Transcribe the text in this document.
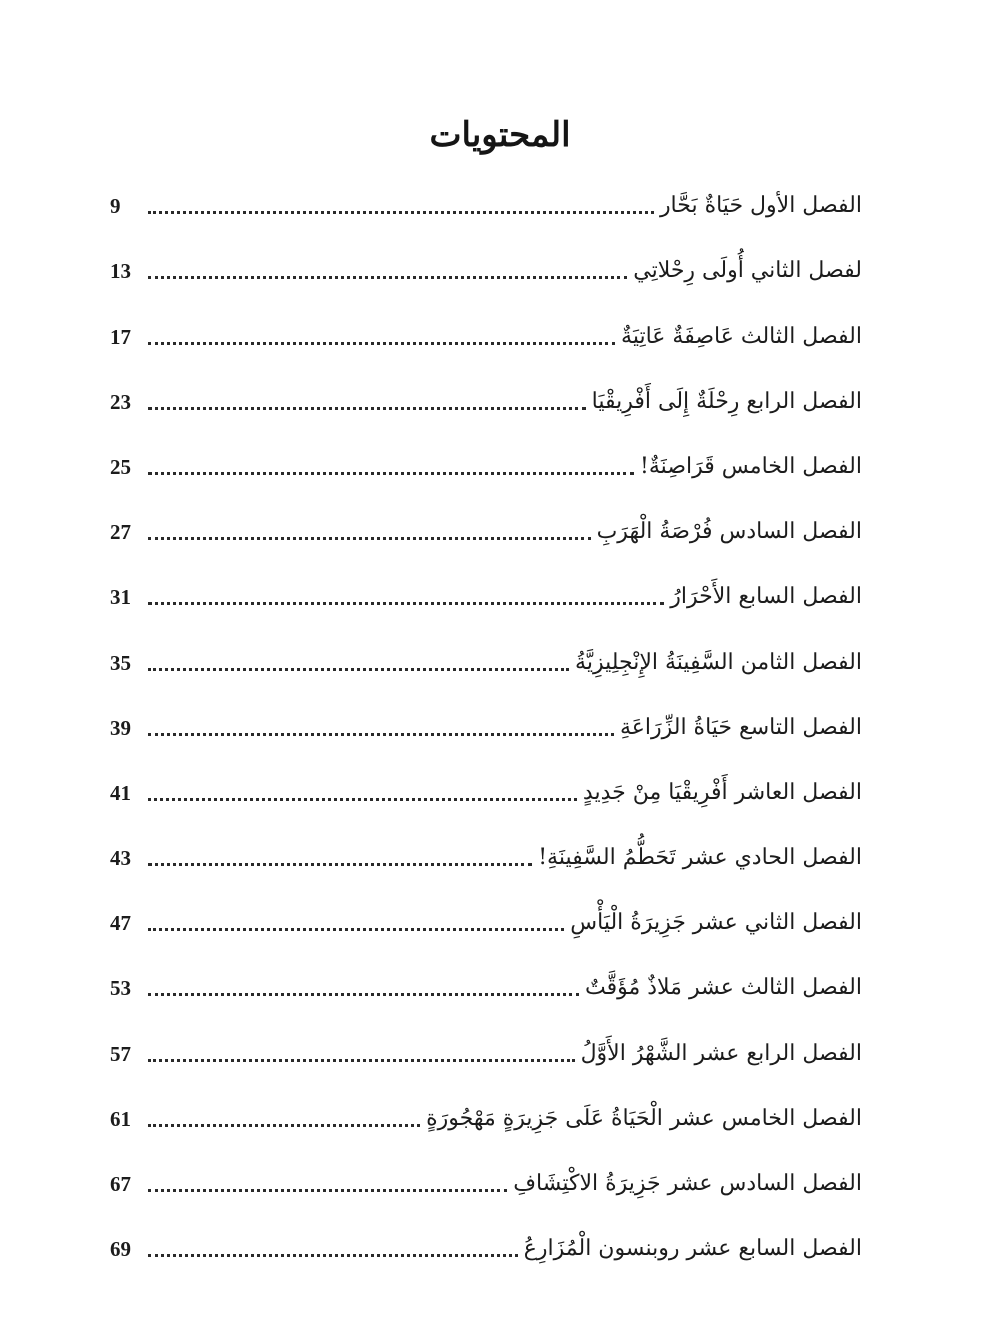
المحتويات
9	الفصل الأول حَيَاةٌ بَحَّار
13	لفصل الثاني أُولَى رِحْلاتِي
17	الفصل الثالث عَاصِفَةٌ عَاتِيَةٌ
23	الفصل الرابع رِحْلَةٌ إِلَى أَفْرِيقْيَا
25	الفصل الخامس قَرَاصِنَةٌ!
27	الفصل السادس فُرْصَةُ الْهَرَبِ
31	الفصل السابع الأَحْرَارُ
35	الفصل الثامن السَّفِينَةُ الإِنْجِلِيزِيَّةُ
39	الفصل التاسع حَيَاةُ الزِّرَاعَةِ
41	الفصل العاشر أَفْرِيقْيَا مِنْ جَدِيدٍ
43	الفصل الحادي عشر تَحَطُّمُ السَّفِينَةِ!
47	الفصل الثاني عشر جَزِيرَةُ الْيَأْسِ
53	الفصل الثالث عشر مَلاذٌ مُؤَقَّتٌ
57	الفصل الرابع عشر الشَّهْرُ الأَوَّلُ
61	الفصل الخامس عشر الْحَيَاةُ عَلَى جَزِيرَةٍ مَهْجُورَةٍ
67	الفصل السادس عشر جَزِيرَةُ الاكْتِشَافِ
69	الفصل السابع عشر روبنسون الْمُزَارِعُ
